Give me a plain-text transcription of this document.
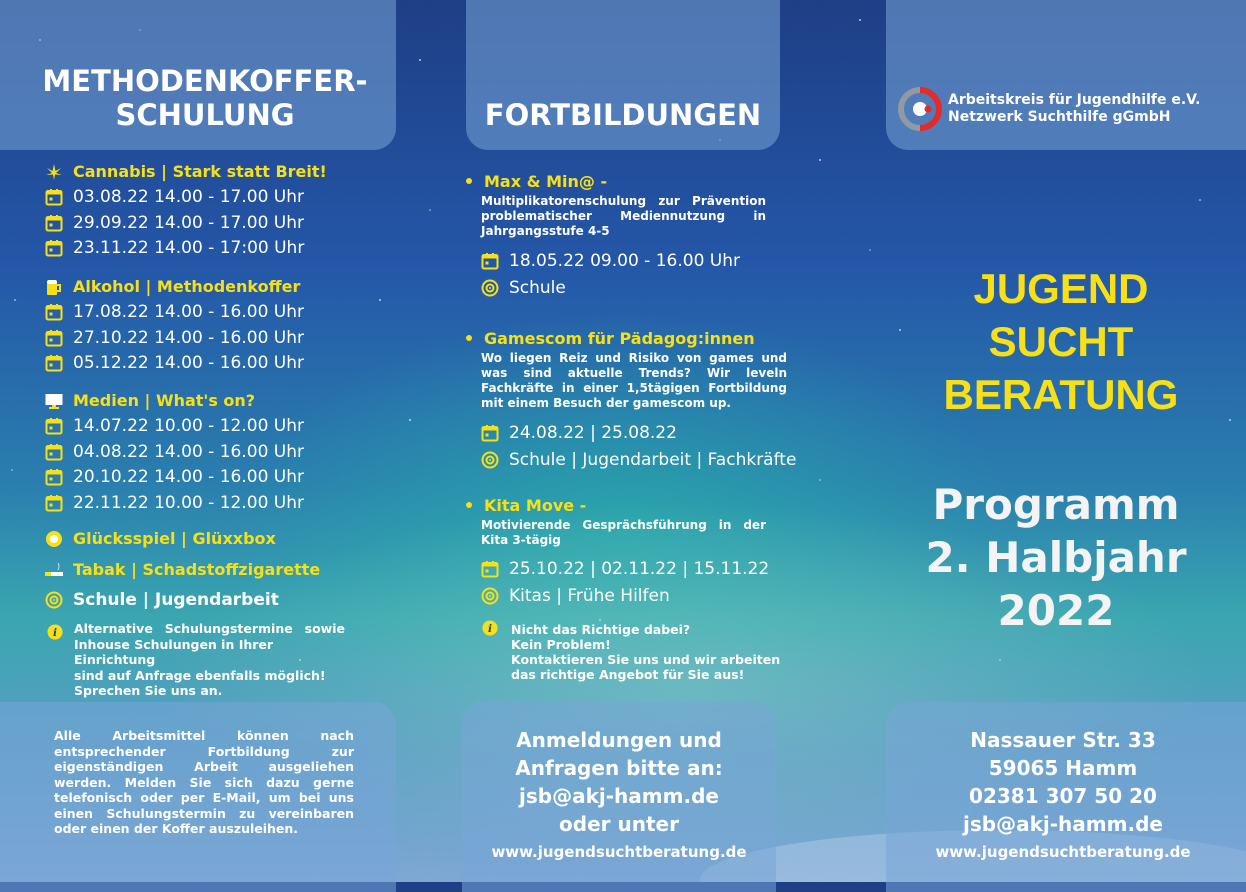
METHODENKOFFER-
SCHULUNG
Cannabis | Stark statt Breit!
03.08.22 14.00 - 17.00 Uhr
29.09.22 14.00 - 17.00 Uhr
23.11.22 14.00 - 17:00 Uhr
Alkohol | Methodenkoffer
17.08.22 14.00 - 16.00 Uhr
27.10.22 14.00 - 16.00 Uhr
05.12.22 14.00 - 16.00 Uhr
Medien | What's on?
14.07.22 10.00 - 12.00 Uhr
04.08.22 14.00 - 16.00 Uhr
20.10.22 14.00 - 16.00 Uhr
22.11.22 10.00 - 12.00 Uhr
Glücksspiel | Glüxxbox
Tabak | Schadstoffzigarette
Schule | Jugendarbeit
i Alternative Schulungstermine sowie
Inhouse Schulungen in Ihrer Einrichtung
sind auf Anfrage ebenfalls möglich!
Sprechen Sie uns an.
Alle Arbeitsmittel können nach entsprechender Fortbildung zur eigenständigen Arbeit ausgeliehen werden. Melden Sie sich dazu gerne telefonisch oder per E-Mail, um bei uns einen Schulungstermin zu vereinbaren oder einen der Koffer auszuleihen.
FORTBILDUNGEN
Max & Min@ -
Multiplikatorenschulung zur Prävention problematischer Mediennutzung in Jahrgangsstufe 4-5
18.05.22 09.00 - 16.00 Uhr
Schule
Gamescom für Pädagog:innen
Wo liegen Reiz und Risiko von games und was sind aktuelle Trends? Wir leveln Fachkräfte in einer 1,5tägigen Fortbildung mit einem Besuch der gamescom up.
24.08.22 | 25.08.22
Schule | Jugendarbeit | Fachkräfte
Kita Move -
Motivierende Gesprächsführung in der Kita 3-tägig
25.10.22 | 02.11.22 | 15.11.22
Kitas | Frühe Hilfen
i Nicht das Richtige dabei?
Kein Problem!
Kontaktieren Sie uns und wir arbeiten
das richtige Angebot für Sie aus!
Anmeldungen und
Anfragen bitte an:
jsb@akj-hamm.de
oder unter
www.jugendsuchtberatung.de
Arbeitskreis für Jugendhilfe e.V.
Netzwerk Suchthilfe gGmbH
JUGEND
SUCHT
BERATUNG
Programm
2. Halbjahr
2022
Nassauer Str. 33
59065 Hamm
02381 307 50 20
jsb@akj-hamm.de
www.jugendsuchtberatung.de
